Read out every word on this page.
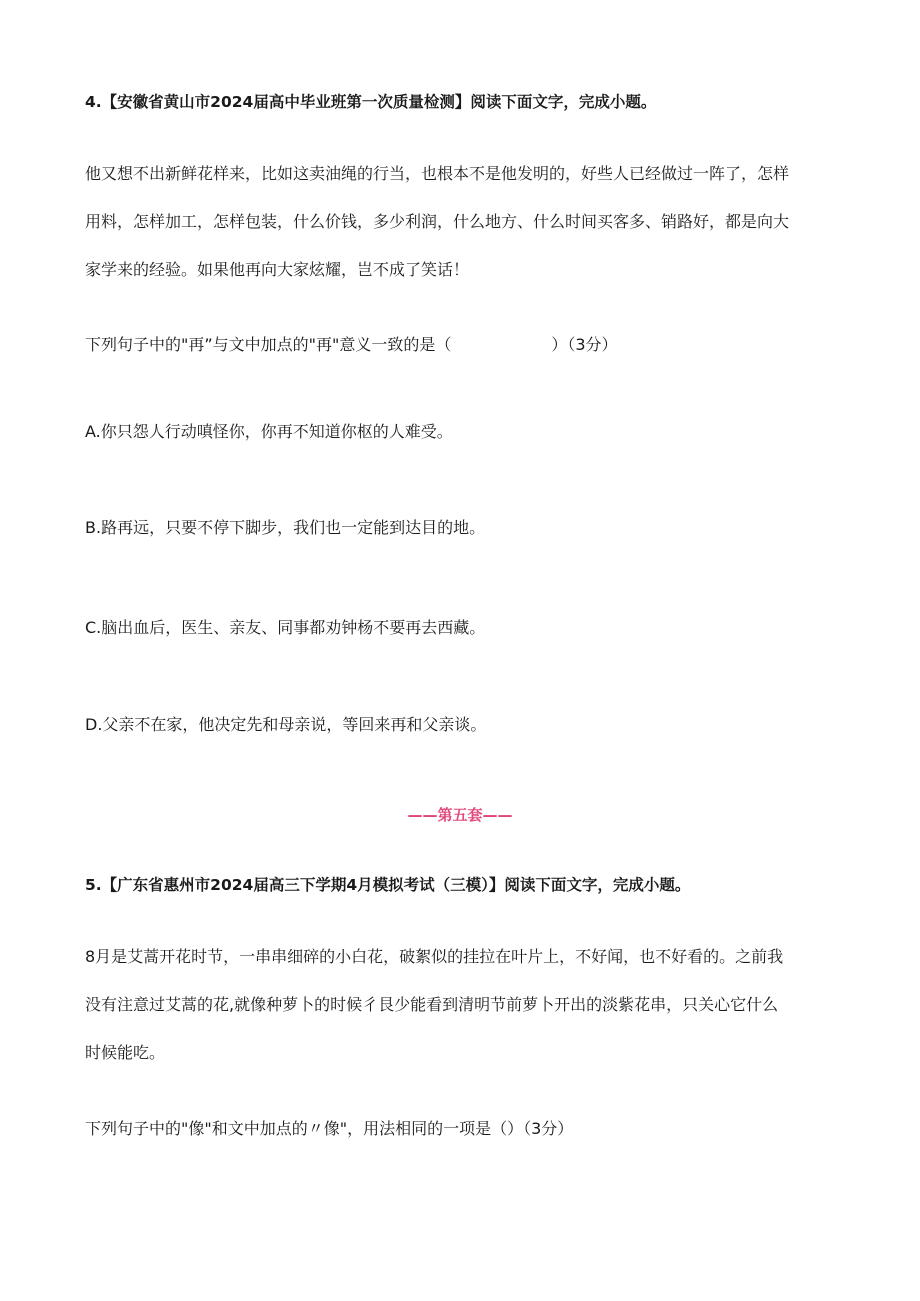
4.【安徽省黄山市2024届高中毕业班第一次质量检测】阅读下面文字，完成小题。
他又想不出新鲜花样来，比如这卖油绳的行当，也根本不是他发明的，好些人已经做过一阵了，怎样
用料，怎样加工，怎样包装，什么价钱，多少利润，什么地方、什么时间买客多、销路好，都是向大
家学来的经验。如果他再向大家炫耀，岂不成了笑话！
下列句子中的"再”与文中加点的"再"意义一致的是（	）（3分）
A.你只怨人行动嗔怪你，你再不知道你枢的人难受。
B.路再远，只要不停下脚步，我们也一定能到达目的地。
C.脑出血后，医生、亲友、同事都劝钟杨不要再去西藏。
D.父亲不在家，他决定先和母亲说，等回来再和父亲谈。
——第五套——
5.【广东省惠州市2024届高三下学期4月模拟考试（三模）】阅读下面文字，完成小题。
8月是艾蒿开花时节，一串串细碎的小白花，破絮似的挂拉在叶片上，不好闻，也不好看的。之前我
没有注意过艾蒿的花,就像种萝卜的时候彳艮少能看到清明节前萝卜开出的淡紫花串，只关心它什么
时候能吃。
下列句子中的"像"和文中加点的〃像"，用法相同的一项是（）（3分）
